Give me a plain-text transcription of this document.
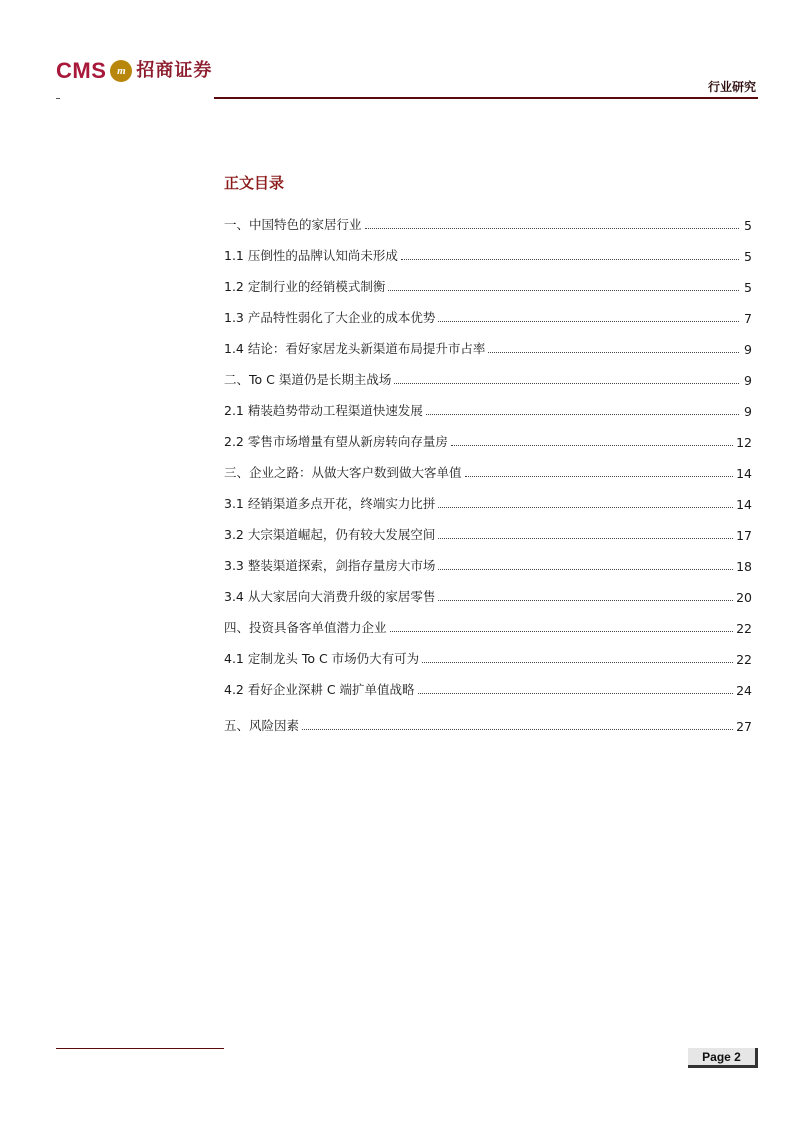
CMS m 招商证券
行业研究
正文目录
一、中国特色的家居行业	5
1.1 压倒性的品牌认知尚未形成	5
1.2 定制行业的经销模式制衡	5
1.3 产品特性弱化了大企业的成本优势	7
1.4 结论：看好家居龙头新渠道布局提升市占率	9
二、To C 渠道仍是长期主战场	9
2.1 精装趋势带动工程渠道快速发展	9
2.2 零售市场增量有望从新房转向存量房	12
三、企业之路：从做大客户数到做大客单值	14
3.1 经销渠道多点开花，终端实力比拼	14
3.2 大宗渠道崛起，仍有较大发展空间	17
3.3 整装渠道探索，剑指存量房大市场	18
3.4 从大家居向大消费升级的家居零售	20
四、投资具备客单值潜力企业	22
4.1 定制龙头 To C 市场仍大有可为	22
4.2 看好企业深耕 C 端扩单值战略	24
五、风险因素	27
Page 2
